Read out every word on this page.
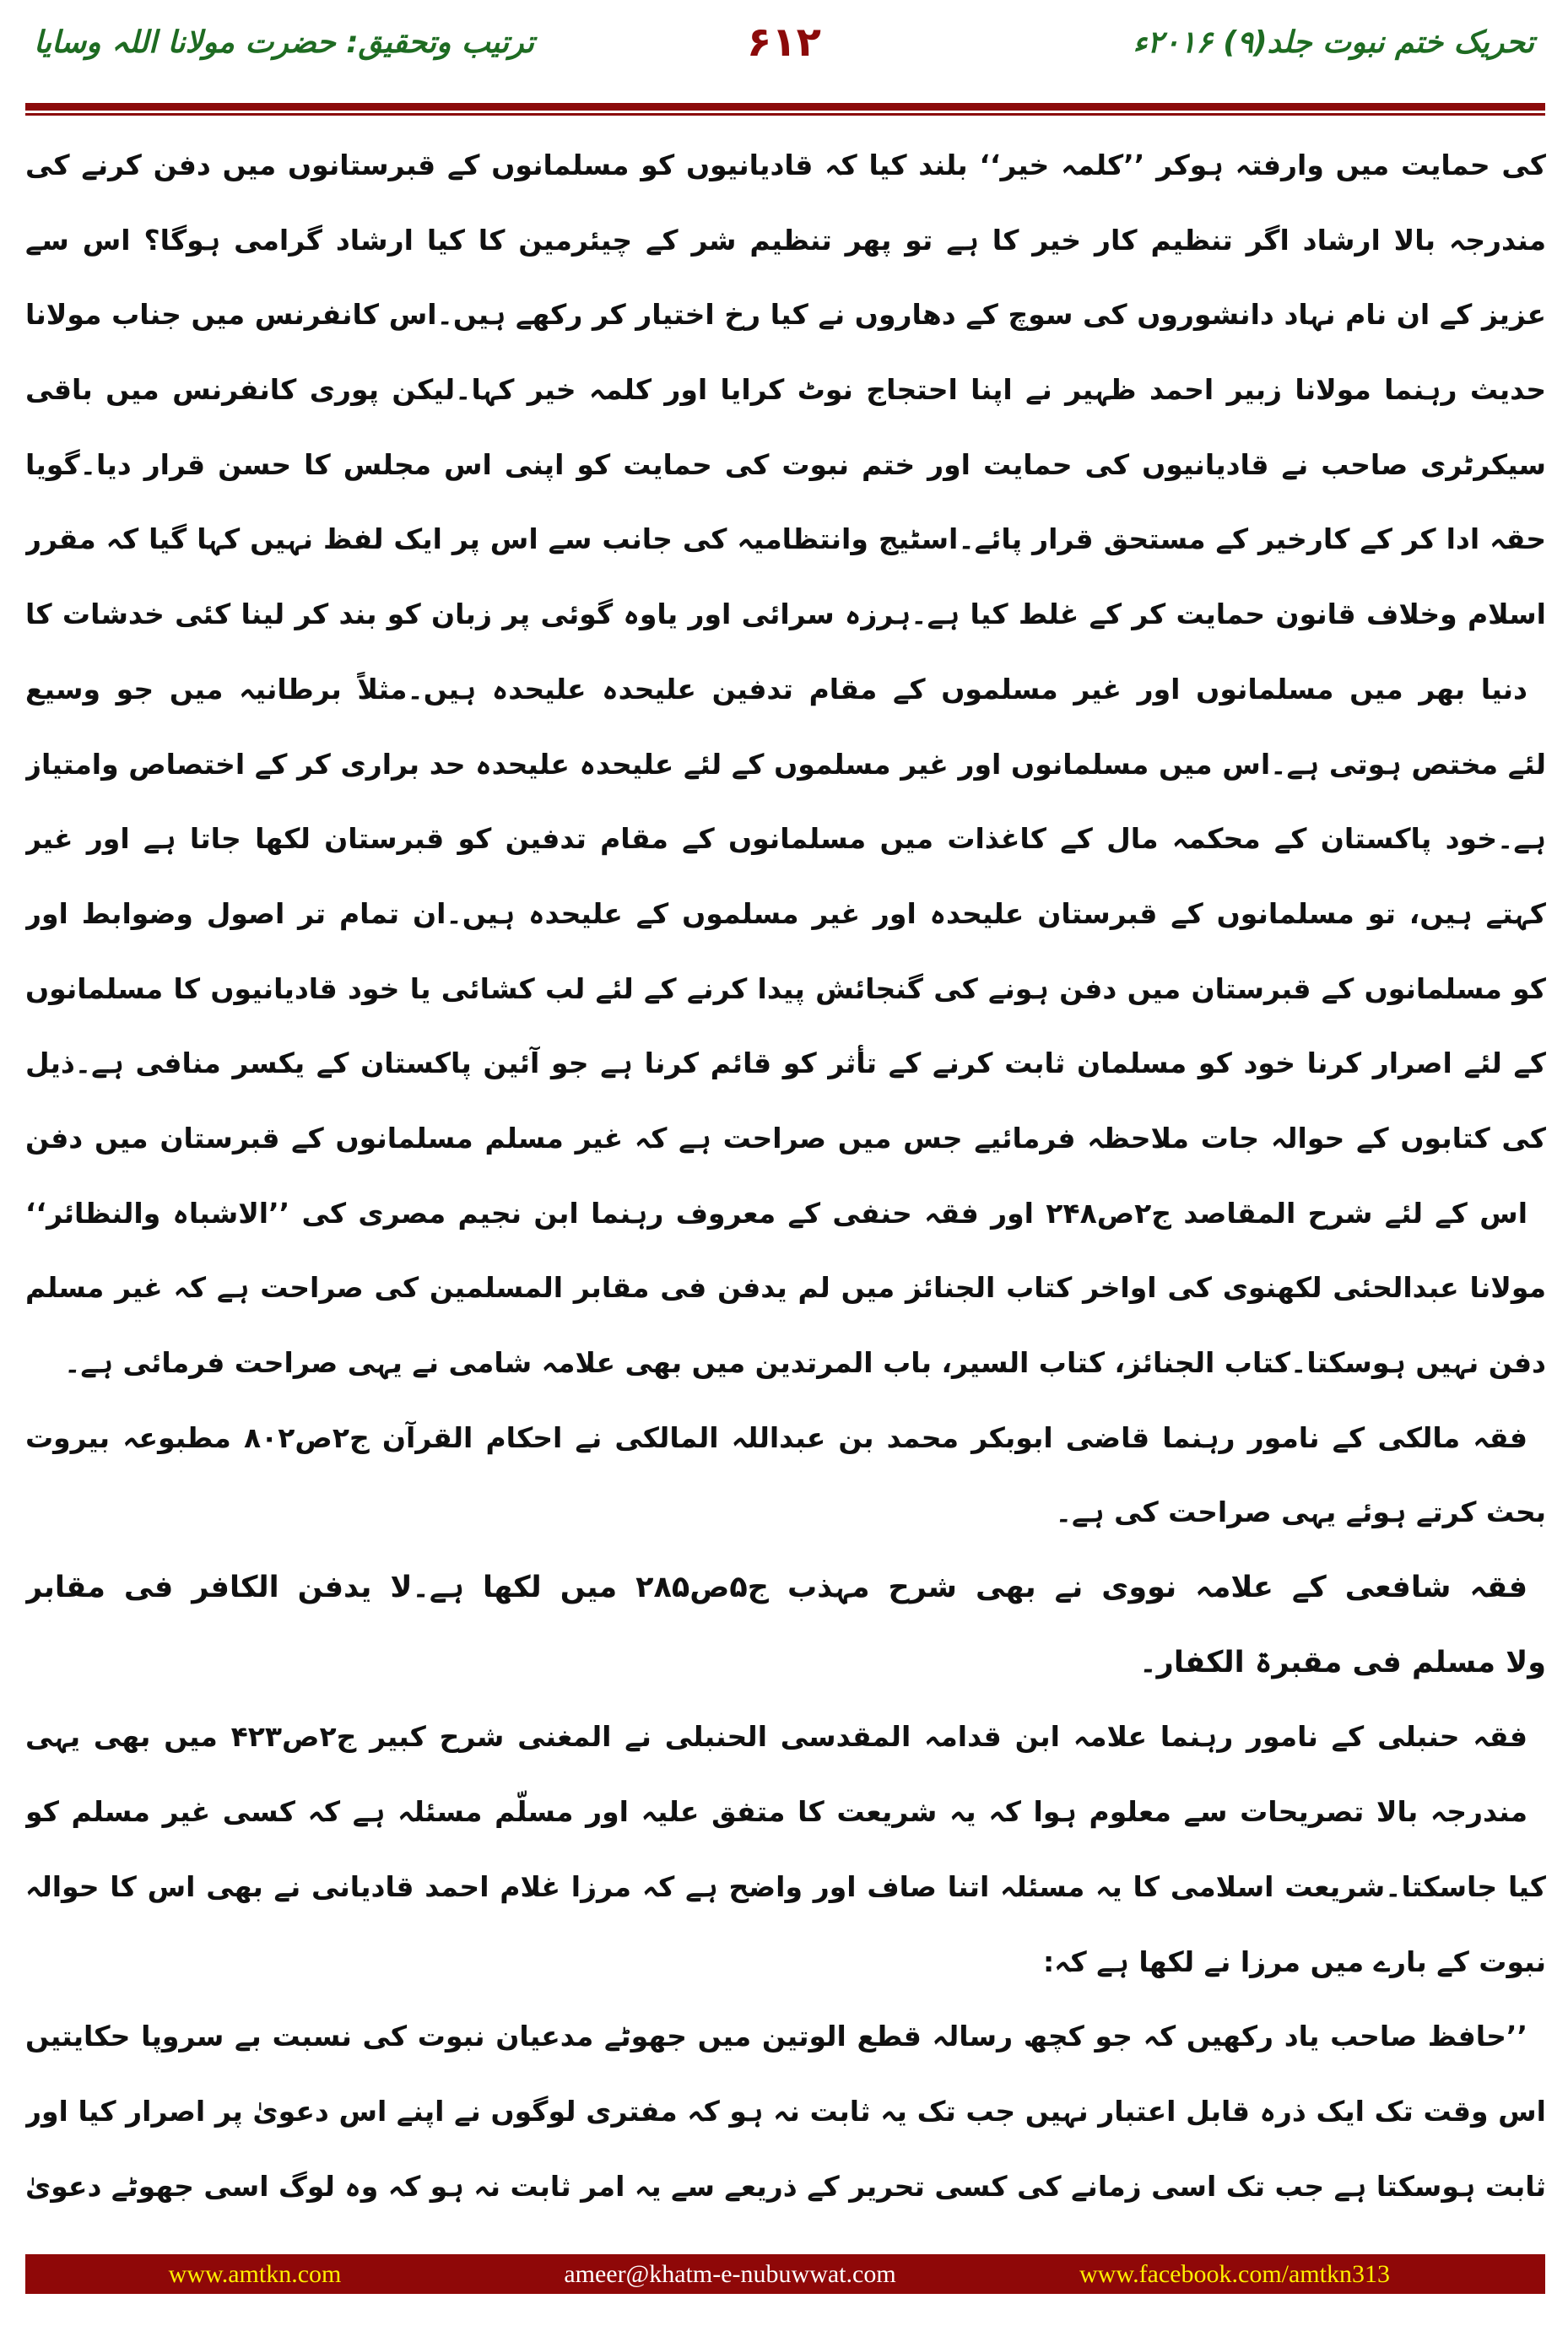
تحریک ختم نبوت جلد(۹) ۲۰۱۶ء
۶۱۲
ترتیب وتحقیق: حضرت مولانا اللہ وسایا
کی حمایت میں وارفتہ ہوکر ’’کلمہ خیر‘‘ بلند کیا کہ قادیانیوں کو مسلمانوں کے قبرستانوں میں دفن کرنے کی
مندرجہ بالا ارشاد اگر تنظیم کار خیر کا ہے تو پھر تنظیم شر کے چیئرمین کا کیا ارشاد گرامی ہوگا؟ اس سے
عزیز کے ان نام نہاد دانشوروں کی سوچ کے دھاروں نے کیا رخ اختیار کر رکھے ہیں۔اس کانفرنس میں جناب مولانا
حدیث رہنما مولانا زبیر احمد ظہیر نے اپنا احتجاج نوٹ کرایا اور کلمہ خیر کہا۔لیکن پوری کانفرنس میں باقی
سیکرٹری صاحب نے قادیانیوں کی حمایت اور ختم نبوت کی حمایت کو اپنی اس مجلس کا حسن قرار دیا۔گویا
حقہ ادا کر کے کارخیر کے مستحق قرار پائے۔اسٹیج وانتظامیہ کی جانب سے اس پر ایک لفظ نہیں کہا گیا کہ مقرر
اسلام وخلاف قانون حمایت کر کے غلط کیا ہے۔ہرزہ سرائی اور یاوہ گوئی پر زبان کو بند کر لینا کئی خدشات کا
دنیا بھر میں مسلمانوں اور غیر مسلموں کے مقام تدفین علیحدہ علیحدہ ہیں۔مثلاً برطانیہ میں جو وسیع
لئے مختص ہوتی ہے۔اس میں مسلمانوں اور غیر مسلموں کے لئے علیحدہ علیحدہ حد براری کر کے اختصاص وامتیاز
ہے۔خود پاکستان کے محکمہ مال کے کاغذات میں مسلمانوں کے مقام تدفین کو قبرستان لکھا جاتا ہے اور غیر
کہتے ہیں، تو مسلمانوں کے قبرستان علیحدہ اور غیر مسلموں کے علیحدہ ہیں۔ان تمام تر اصول وضوابط اور
کو مسلمانوں کے قبرستان میں دفن ہونے کی گنجائش پیدا کرنے کے لئے لب کشائی یا خود قادیانیوں کا مسلمانوں
کے لئے اصرار کرنا خود کو مسلمان ثابت کرنے کے تأثر کو قائم کرنا ہے جو آئین پاکستان کے یکسر منافی ہے۔ذیل
کی کتابوں کے حوالہ جات ملاحظہ فرمائیے جس میں صراحت ہے کہ غیر مسلم مسلمانوں کے قبرستان میں دفن
اس کے لئے شرح المقاصد ج۲ص۲۴۸ اور فقہ حنفی کے معروف رہنما ابن نجیم مصری کی ’’الاشباہ والنظائر‘‘
مولانا عبدالحئی لکھنوی کی اواخر کتاب الجنائز میں لم یدفن فی مقابر المسلمین کی صراحت ہے کہ غیر مسلم
دفن نہیں ہوسکتا۔کتاب الجنائز، کتاب السیر، باب المرتدین میں بھی علامہ شامی نے یہی صراحت فرمائی ہے۔
فقہ مالکی کے نامور رہنما قاضی ابوبکر محمد بن عبداللہ المالکی نے احکام القرآن ج۲ص۸۰۲ مطبوعہ بیروت
بحث کرتے ہوئے یہی صراحت کی ہے۔
فقہ شافعی کے علامہ نووی نے بھی شرح مہذب ج۵ص۲۸۵ میں لکھا ہے۔لا یدفن الکافر فی مقابر
ولا مسلم فی مقبرۃ الکفار۔
فقہ حنبلی کے نامور رہنما علامہ ابن قدامہ المقدسی الحنبلی نے المغنی شرح کبیر ج۲ص۴۲۳ میں بھی یہی
مندرجہ بالا تصریحات سے معلوم ہوا کہ یہ شریعت کا متفق علیہ اور مسلّم مسئلہ ہے کہ کسی غیر مسلم کو
کیا جاسکتا۔شریعت اسلامی کا یہ مسئلہ اتنا صاف اور واضح ہے کہ مرزا غلام احمد قادیانی نے بھی اس کا حوالہ
نبوت کے بارے میں مرزا نے لکھا ہے کہ:
’’حافظ صاحب یاد رکھیں کہ جو کچھ رسالہ قطع الوتین میں جھوٹے مدعیان نبوت کی نسبت بے سروپا حکایتیں
اس وقت تک ایک ذرہ قابل اعتبار نہیں جب تک یہ ثابت نہ ہو کہ مفتری لوگوں نے اپنے اس دعویٰ پر اصرار کیا اور
ثابت ہوسکتا ہے جب تک اسی زمانے کی کسی تحریر کے ذریعے سے یہ امر ثابت نہ ہو کہ وہ لوگ اسی جھوٹے دعویٰ
www.amtkn.com	ameer@khatm-e-nubuwwat.com	www.facebook.com/amtkn313
